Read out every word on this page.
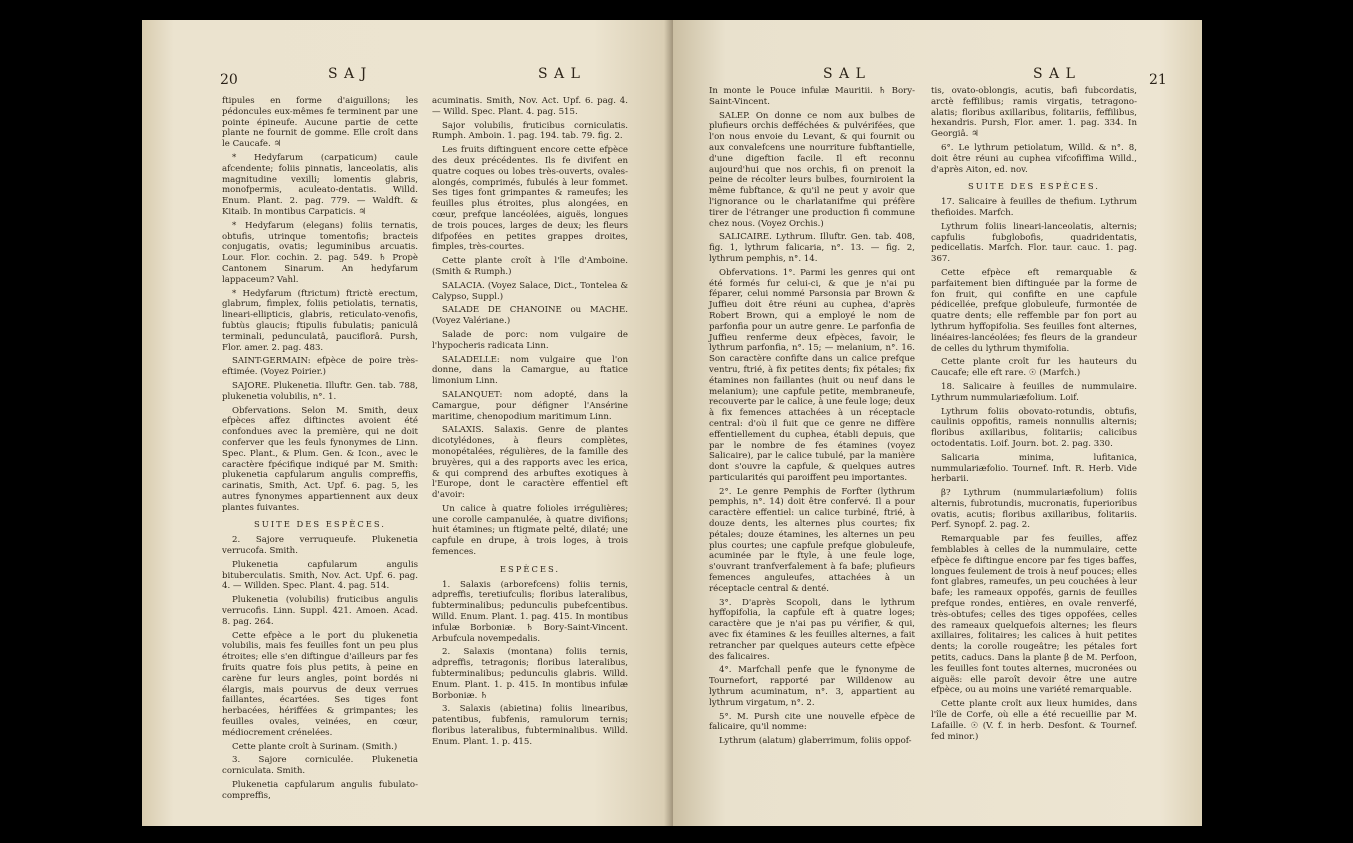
20	S A J	S A L

ftipules en forme d'aiguillons; les pédoncules eux-mêmes fe terminent par une pointe épineufe. Aucune partie de cette plante ne fournit de gomme. Elle croît dans le Caucafe. ♃

* Hedyfarum (carpaticum) caule afcendente; foliis pinnatis, lanceolatis, alis magnitudine vexilli; lomentis glabris, monofpermis, aculeato-dentatis. Willd. Enum. Plant. 2. pag. 779. — Waldft. & Kitaib. In montibus Carpaticis. ♃

* Hedyfarum (elegans) foliis ternatis, obtufis, utrinque tomentofis; bracteis conjugatis, ovatis; leguminibus arcuatis. Lour. Flor. cochin. 2. pag. 549. ♄ Propè Cantonem Sinarum. An hedyfarum lappaceum? Vahl.

* Hedyfarum (ftrictum) ftrictè erectum, glabrum, fimplex, foliis petiolatis, ternatis, lineari-ellipticis, glabris, reticulato-venofis, fubtùs glaucis; ftipulis fubulatis; paniculâ terminali, pedunculatâ, pauciflorâ. Pursh, Flor. amer. 2. pag. 483.

SAINT-GERMAIN: efpèce de poire très-eftimée. (Voyez Poirier.)

SAJORE. Plukenetia. Illuftr. Gen. tab. 788, plukenetia volubilis, n°. 1.

Obfervations. Selon M. Smith, deux efpèces affez diftinctes avoient été confondues avec la première, qui ne doit conferver que les feuls fynonymes de Linn. Spec. Plant., & Plum. Gen. & Icon., avec le caractère fpécifique indiqué par M. Smith: plukenetia capfularum angulis compreffis, carinatis, Smith, Act. Upf. 6. pag. 5, les autres fynonymes appartiennent aux deux plantes fuivantes.

SUITE DES ESPÈCES.

2. Sajore verruqueufe. Plukenetia verrucofa. Smith.

Plukenetia capfularum angulis bituberculatis. Smith, Nov. Act. Upf. 6. pag. 4. — Willden. Spec. Plant. 4. pag. 514.

Plukenetia (volubilis) fruticibus angulis verrucofis. Linn. Suppl. 421. Amoen. Acad. 8. pag. 264.

Cette efpèce a le port du plukenetia volubilis, mais fes feuilles font un peu plus étroites; elle s'en diftingue d'ailleurs par fes fruits quatre fois plus petits, à peine en carène fur leurs angles, point bordés ni élargis, mais pourvus de deux verrues faillantes, écartées. Ses tiges font herbacées, hériffées & grimpantes; les feuilles ovales, veinées, en cœur, médiocrement crénelées.

Cette plante croît à Surinam. (Smith.)

3. Sajore corniculée. Plukenetia corniculata. Smith.

Plukenetia capfularum angulis fubulato-compreffis,

acuminatis. Smith, Nov. Act. Upf. 6. pag. 4. — Willd. Spec. Plant. 4. pag. 515.

Sajor volubilis, fruticibus corniculatis. Rumph. Amboin. 1. pag. 194. tab. 79. fig. 2.

Les fruits diftinguent encore cette efpèce des deux précédentes. Ils fe divifent en quatre coques ou lobes très-ouverts, ovales-alongés, comprimés, fubulés à leur fommet. Ses tiges font grimpantes & rameufes; les feuilles plus étroites, plus alongées, en cœur, prefque lancéolées, aiguës, longues de trois pouces, larges de deux; les fleurs difpofées en petites grappes droites, fimples, très-courtes.

Cette plante croît à l'île d'Amboine. (Smith & Rumph.)

SALACIA. (Voyez Salace, Dict., Tontelea & Calypso, Suppl.)

SALADE DE CHANOINE ou MACHE. (Voyez Valériane.)

Salade de porc: nom vulgaire de l'hypocheris radicata Linn.

SALADELLE: nom vulgaire que l'on donne, dans la Camargue, au ftatice limonium Linn.

SALANQUET: nom adopté, dans la Camargue, pour défigner l'Ansérine maritime, chenopodium maritimum Linn.

SALAXIS. Salaxis. Genre de plantes dicotylédones, à fleurs complètes, monopétalées, régulières, de la famille des bruyères, qui a des rapports avec les erica, & qui comprend des arbuftes exotiques à l'Europe, dont le caractère effentiel eft d'avoir:

Un calice à quatre folioles irrégulières; une corolle campanulée, à quatre divifions; huit étamines; un ftigmate pelté, dilaté; une capfule en drupe, à trois loges, à trois femences.

ESPÈCES.

1. Salaxis (arborefcens) foliis ternis, adpreffis, teretiufculis; floribus lateralibus, fubterminalibus; pedunculis pubefcentibus. Willd. Enum. Plant. 1. pag. 415. In montibus infulæ Borboniæ. ♄ Bory-Saint-Vincent. Arbufcula novempedalis.

2. Salaxis (montana) foliis ternis, adpreffis, tetragonis; floribus lateralibus, fubterminalibus; pedunculis glabris. Willd. Enum. Plant. 1. p. 415. In montibus infulæ Borboniæ. ♄

3. Salaxis (abietina) foliis linearibus, patentibus, fubfenis, ramulorum ternis; floribus lateralibus, fubterminalibus. Willd. Enum. Plant. 1. p. 415.

S A L	S A L	21

In monte le Pouce infulæ Mauritii. ♄ Bory-Saint-Vincent.

SALEP. On donne ce nom aux bulbes de plufieurs orchis defféchées & pulvérifées, que l'on nous envoie du Levant, & qui fournit ou aux convalefcens une nourriture fubftantielle, d'une digeftion facile. Il eft reconnu aujourd'hui que nos orchis, fi on prenoit la peine de récolter leurs bulbes, fourniroient la même fubftance, & qu'il ne peut y avoir que l'ignorance ou le charlatanifme qui préfère tirer de l'étranger une production fi commune chez nous. (Voyez Orchis.)

SALICAIRE. Lythrum. Illuftr. Gen. tab. 408, fig. 1, lythrum falicaria, n°. 13. — fig. 2, lythrum pemphis, n°. 14.

Obfervations. 1°. Parmi les genres qui ont été formés fur celui-ci, & que je n'ai pu féparer, celui nommé Parsonsia par Brown & Juffieu doit être réuni au cuphea, d'après Robert Brown, qui a employé le nom de parfonfia pour un autre genre. Le parfonfia de Juffieu renferme deux efpèces, favoir, le lythrum parfonfia, n°. 15; — melanium, n°. 16. Son caractère confifte dans un calice prefque ventru, ftrié, à fix petites dents; fix pétales; fix étamines non faillantes (huit ou neuf dans le melanium); une capfule petite, membraneufe, recouverte par le calice, à une feule loge; deux à fix femences attachées à un réceptacle central: d'où il fuit que ce genre ne diffère effentiellement du cuphea, établi depuis, que par le nombre de fes étamines (voyez Salicaire), par le calice tubulé, par la manière dont s'ouvre la capfule, & quelques autres particularités qui paroiffent peu importantes.

2°. Le genre Pemphis de Forfter (lythrum pemphis, n°. 14) doit être confervé. Il a pour caractère effentiel: un calice turbiné, ftrié, à douze dents, les alternes plus courtes; fix pétales; douze étamines, les alternes un peu plus courtes; une capfule prefque globuleufe, acuminée par le ftyle, à une feule loge, s'ouvrant tranfverfalement à fa bafe; plufieurs femences anguleufes, attachées à un réceptacle central & denté.

3°. D'après Scopoli, dans le lythrum hyffopifolia, la capfule eft à quatre loges; caractère que je n'ai pas pu vérifier, & qui, avec fix étamines & les feuilles alternes, a fait retrancher par quelques auteurs cette efpèce des falicaires.

4°. Marfchall penfe que le fynonyme de Tournefort, rapporté par Willdenow au lythrum acuminatum, n°. 3, appartient au lythrum virgatum, n°. 2.

5°. M. Pursh cite une nouvelle efpèce de falicaire, qu'il nomme:

Lythrum (alatum) glaberrimum, foliis oppof-

tis, ovato-oblongis, acutis, bafi fubcordatis, arctè feffilibus; ramis virgatis, tetragono-alatis; floribus axillaribus, folitariis, feffilibus, hexandris. Pursh, Flor. amer. 1. pag. 334. In Georgiâ. ♃

6°. Le lythrum petiolatum, Willd. & n°. 8, doit être réuni au cuphea vifcofiffima Willd., d'après Aiton, ed. nov.

SUITE DES ESPÈCES.

17. Salicaire à feuilles de thefium. Lythrum thefioides. Marfch.

Lythrum foliis lineari-lanceolatis, alternis; capfulis fubglobofis, quadridentatis, pedicellatis. Marfch. Flor. taur. cauc. 1. pag. 367.

Cette efpèce eft remarquable & parfaitement bien diftinguée par la forme de fon fruit, qui confifte en une capfule pédicellée, prefque globuleufe, furmontée de quatre dents; elle reffemble par fon port au lythrum hyffopifolia. Ses feuilles font alternes, linéaires-lancéolées; fes fleurs de la grandeur de celles du lythrum thymifolia.

Cette plante croît fur les hauteurs du Caucafe; elle eft rare. ☉ (Marfch.)

18. Salicaire à feuilles de nummulaire. Lythrum nummulariæfolium. Loif.

Lythrum foliis obovato-rotundis, obtufis, caulinis oppofitis, rameis nonnullis alternis; floribus axillaribus, folitariis; calicibus octodentatis. Loif. Journ. bot. 2. pag. 330.

Salicaria minima, lufitanica, nummulariæfolio. Tournef. Inft. R. Herb. Vide herbarii.

β? Lythrum (nummulariæfolium) foliis alternis, fubrotundis, mucronatis, fuperioribus ovatis, acutis; floribus axillaribus, folitariis. Perf. Synopf. 2. pag. 2.

Remarquable par fes feuilles, affez femblables à celles de la nummulaire, cette efpèce fe diftingue encore par fes tiges baffes, longues feulement de trois à neuf pouces; elles font glabres, rameufes, un peu couchées à leur bafe; les rameaux oppofés, garnis de feuilles prefque rondes, entières, en ovale renverfé, très-obtufes; celles des tiges oppofées, celles des rameaux quelquefois alternes; les fleurs axillaires, folitaires; les calices à huit petites dents; la corolle rougeâtre; les pétales fort petits, caducs. Dans la plante β de M. Perfoon, les feuilles font toutes alternes, mucronées ou aiguës: elle paroît devoir être une autre efpèce, ou au moins une variété remarquable.

Cette plante croît aux lieux humides, dans l'île de Corfe, où elle a été recueillie par M. Lafaille. ☉ (V. f. in herb. Desfont. & Tournef. fed minor.)
